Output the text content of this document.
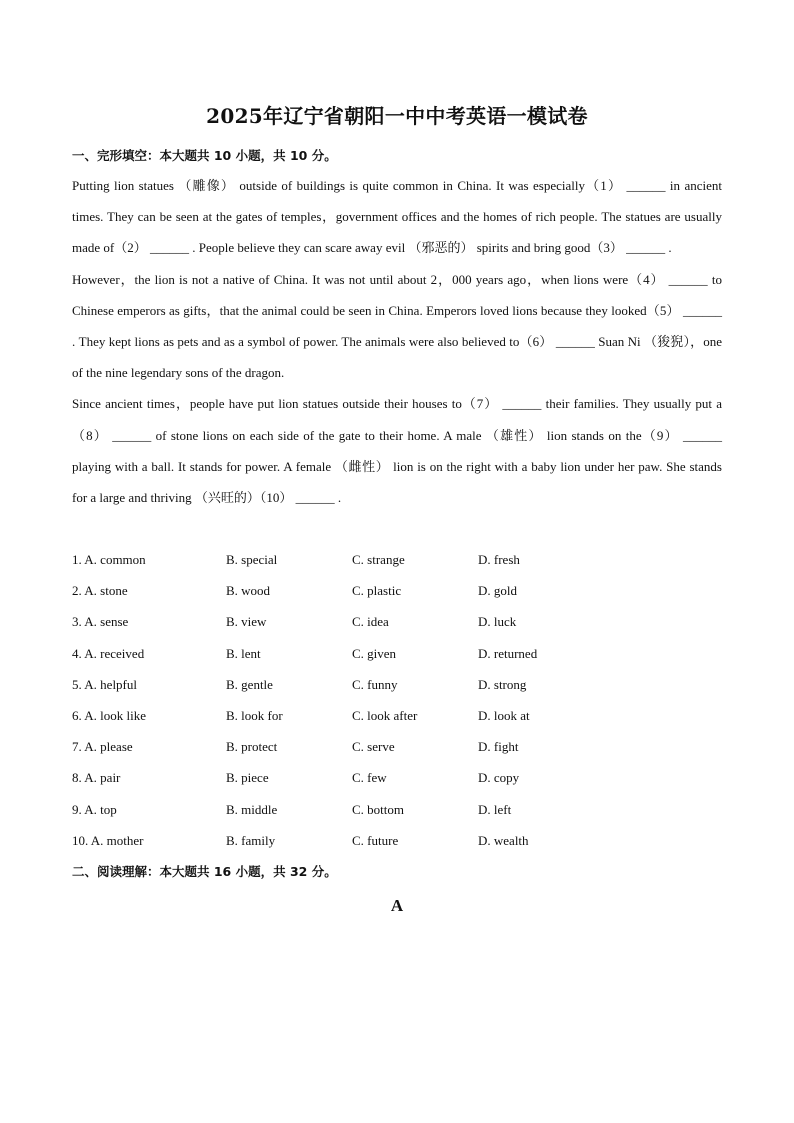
2025年辽宁省朝阳一中中考英语一模试卷
一、完形填空：本大题共 10 小题，共 10 分。

Putting lion statues （雕像） outside of buildings is quite common in China. It was especially（1） ______ in ancient times. They can be seen at the gates of temples，government offices and the homes of rich people. The statues are usually made of（2） ______ . People believe they can scare away evil （邪恶的） spirits and bring good（3） ______ .

However，the lion is not a native of China. It was not until about 2，000 years ago，when lions were（4） ______ to Chinese emperors as gifts，that the animal could be seen in China. Emperors loved lions because they looked（5） ______ . They kept lions as pets and as a symbol of power. The animals were also believed to（6） ______ Suan Ni （狻猊），one of the nine legendary sons of the dragon.

Since ancient times，people have put lion statues outside their houses to（7） ______ their families. They usually put a（8） ______ of stone lions on each side of the gate to their home. A male （雄性） lion stands on the（9） ______ playing with a ball. It stands for power. A female （雌性） lion is on the right with a baby lion under her paw. She stands for a large and thriving （兴旺的）（10） ______ .

1. A. common	B. special	C. strange	D. fresh
2. A. stone	B. wood	C. plastic	D. gold
3. A. sense	B. view	C. idea	D. luck
4. A. received	B. lent	C. given	D. returned
5. A. helpful	B. gentle	C. funny	D. strong
6. A. look like	B. look for	C. look after	D. look at
7. A. please	B. protect	C. serve	D. fight
8. A. pair	B. piece	C. few	D. copy
9. A. top	B. middle	C. bottom	D. left
10. A. mother	B. family	C. future	D. wealth
二、阅读理解：本大题共 16 小题，共 32 分。
A
